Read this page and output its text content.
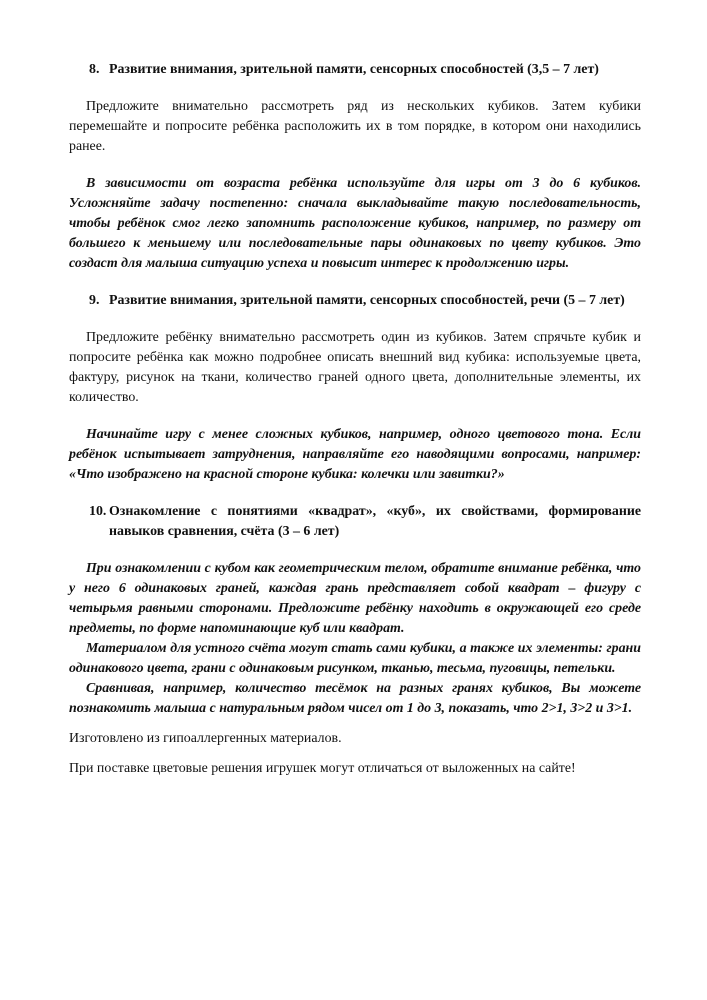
8. Развитие внимания, зрительной памяти, сенсорных способностей (3,5 – 7 лет)

Предложите внимательно рассмотреть ряд из нескольких кубиков. Затем кубики перемешайте и попросите ребёнка расположить их в том порядке, в котором они находились ранее.

В зависимости от возраста ребёнка используйте для игры от 3 до 6 кубиков. Усложняйте задачу постепенно: сначала выкладывайте такую последовательность, чтобы ребёнок смог легко запомнить расположение кубиков, например, по размеру от большего к меньшему или последовательные пары одинаковых по цвету кубиков. Это создаст для малыша ситуацию успеха и повысит интерес к продолжению игры.

9. Развитие внимания, зрительной памяти, сенсорных способностей, речи (5 – 7 лет)

Предложите ребёнку внимательно рассмотреть один из кубиков. Затем спрячьте кубик и попросите ребёнка как можно подробнее описать внешний вид кубика: используемые цвета, фактуру, рисунок на ткани, количество граней одного цвета, дополнительные элементы, их количество.

Начинайте игру с менее сложных кубиков, например, одного цветового тона. Если ребёнок испытывает затруднения, направляйте его наводящими вопросами, например: «Что изображено на красной стороне кубика: колечки или завитки?»

10. Ознакомление с понятиями «квадрат», «куб», их свойствами, формирование навыков сравнения, счёта (3 – 6 лет)

При ознакомлении с кубом как геометрическим телом, обратите внимание ребёнка, что у него 6 одинаковых граней, каждая грань представляет собой квадрат – фигуру с четырьмя равными сторонами. Предложите ребёнку находить в окружающей его среде предметы, по форме напоминающие куб или квадрат.

Материалом для устного счёта могут стать сами кубики, а также их элементы: грани одинакового цвета, грани с одинаковым рисунком, тканью, тесьма, пуговицы, петельки.

Сравнивая, например, количество тесёмок на разных гранях кубиков, Вы можете познакомить малыша с натуральным рядом чисел от 1 до 3, показать, что 2>1, 3>2 и 3>1.

Изготовлено из гипоаллергенных материалов.

При поставке цветовые решения игрушек могут отличаться от выложенных на сайте!
